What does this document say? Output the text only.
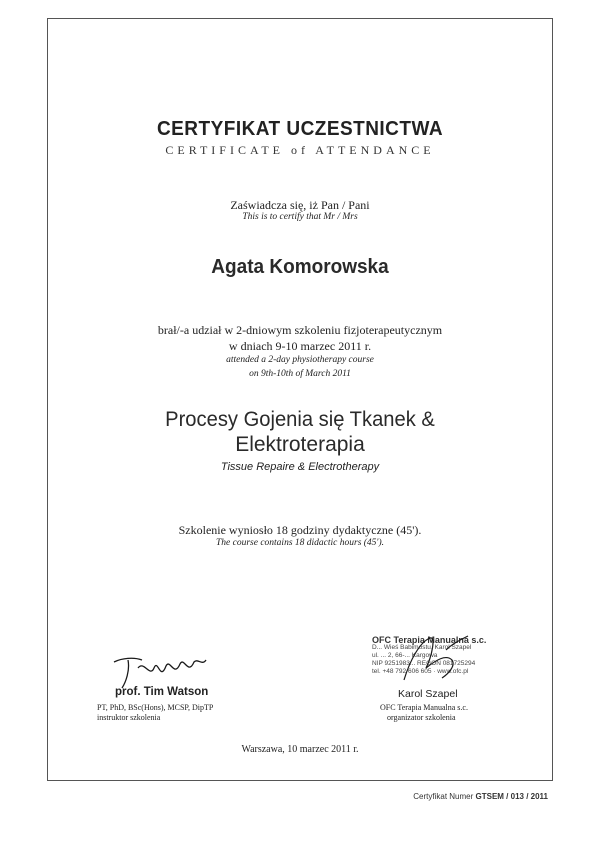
CERTYFIKAT UCZESTNICTWA
CERTIFICATE of ATTENDANCE
Zaświadcza się, iż Pan / Pani
This is to certify that Mr / Mrs
Agata Komorowska
brał/-a udział w 2-dniowym szkoleniu fizjoterapeutycznym
w dniach 9-10 marzec 2011 r.
attended a 2-day physiotherapy course
on 9th-10th of March 2011
Procesy Gojenia się Tkanek &
Elektroterapia
Tissue Repaire & Electrotherapy
Szkolenie wyniosło 18 godziny dydaktyczne (45').
The course contains 18 didactic hours (45').
prof. Tim Watson
PT, PhD, BSc(Hons), MCSP, DipTP
instruktor szkolenia
OFC Terapia Manualna s.c.
D... Wieś Babimostu, Karol Szapel
ul. ... 2, 66-... Kargowa
NIP 9251983... REGON 081725294
tel. +48 792 606 605 · www.ofc.pl
Karol Szapel
OFC Terapia Manualna s.c.
organizator szkolenia
Warszawa, 10 marzec 2011 r.
Certyfikat Numer GTSEM / 013 / 2011
